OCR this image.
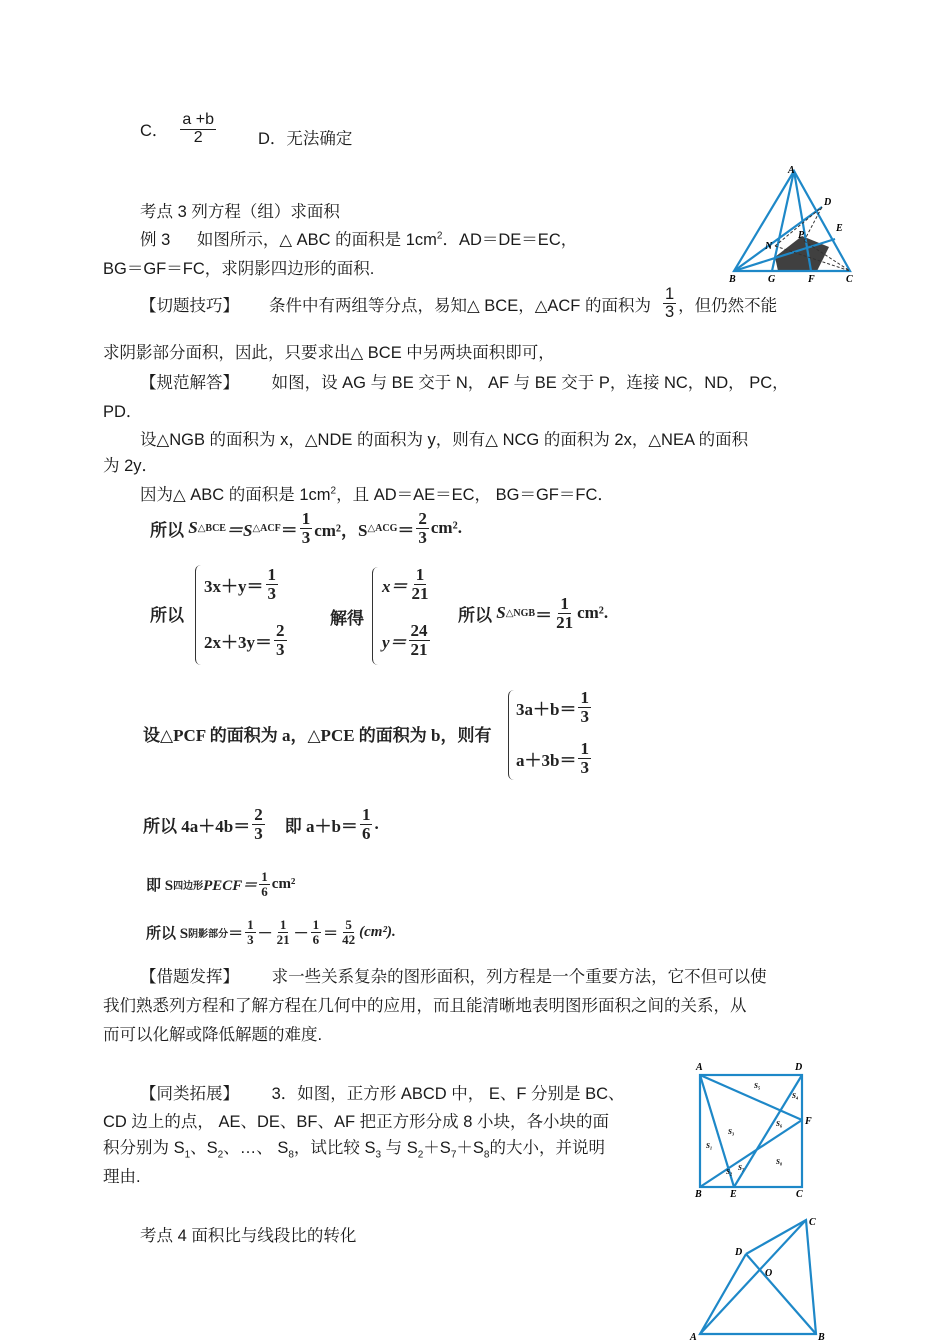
C． $\frac{a +b}{2}$	D．无法确定
考点 3 列方程（组）求面积
例 3 如图所示，△ ABC 的面积是 $1cm^2$．AD＝DE＝EC，
BG＝GF＝FC，求阴影四边形的面积.
A
D
E
N
P
B	G	F	C
【切题技巧】 条件中有两组等分点，易知△ BCE，△ACF 的面积为 $\frac{1}{3}$ ，但仍然不能
求阴影部分面积，因此，只要求出△ BCE 中另两块面积即可，
【规范解答】 如图，设 AG 与 BE 交于 N， AF 与 BE 交于 P，连接 NC，ND， PC，
PD．
设△NGB 的面积为 x，△NDE 的面积为 y，则有△ NCG 的面积为 2x，△NEA 的面积
为 2y．
因为△ ABC 的面积是 $1cm^2$，且 AD＝AE＝EC， BG＝GF＝FC．
所以
S △BCE ＝S △ACF ＝ $\frac{1}{3} cm^2$，S △ACG ＝ $\frac{2}{3} cm^2$.
所以
$3x+y= \frac{1}{3}$
$2x+3y= \frac{2}{3}$
解得
$x= \frac{1}{21}$
$y= \frac{24}{21}$
所以
S △NGB ＝ $\frac{1}{21} cm^2$.
设△PCF 的面积为 a，△PCE 的面积为 b，则有
$3a+b= \frac{1}{3}$
$a+3b= \frac{1}{3}$
所以 $4a+4b= \frac{2}{3}$ 即 $a+b= \frac{1}{6}$ .
即 S 四边形 PECF＝ $\frac{1}{6} cm^2$
所以 S 阴影部分 ＝ $\frac{1}{3} - \frac{1}{21} - \frac{1}{6} = \frac{5}{42} (cm^2)$.
【借题发挥】 求一些关系复杂的图形面积，列方程是一个重要方法，它不但可以使
我们熟悉列方程和了解方程在几何中的应用，而且能清晰地表明图形面积之间的关系，从
而可以化解或降低解题的难度.
【同类拓展】 3．如图，正方形 ABCD 中， E、F 分别是 BC、
CD 边上的点， AE、DE、BF、AF 把正方形分成 8 小块，各小块的面
积分别为 $S_1$、$S_2$、…、 $S_8$，试比较 $S_3$ 与 $S_2+S_7+S_8$的大小，并说明
理由.
A	D
F
B	E	C
S₅
S₄
S₃
S₆
S₁
S₂ S₇
S₈
考点 4 面积比与线段比的转化
C
D
O
A	B
